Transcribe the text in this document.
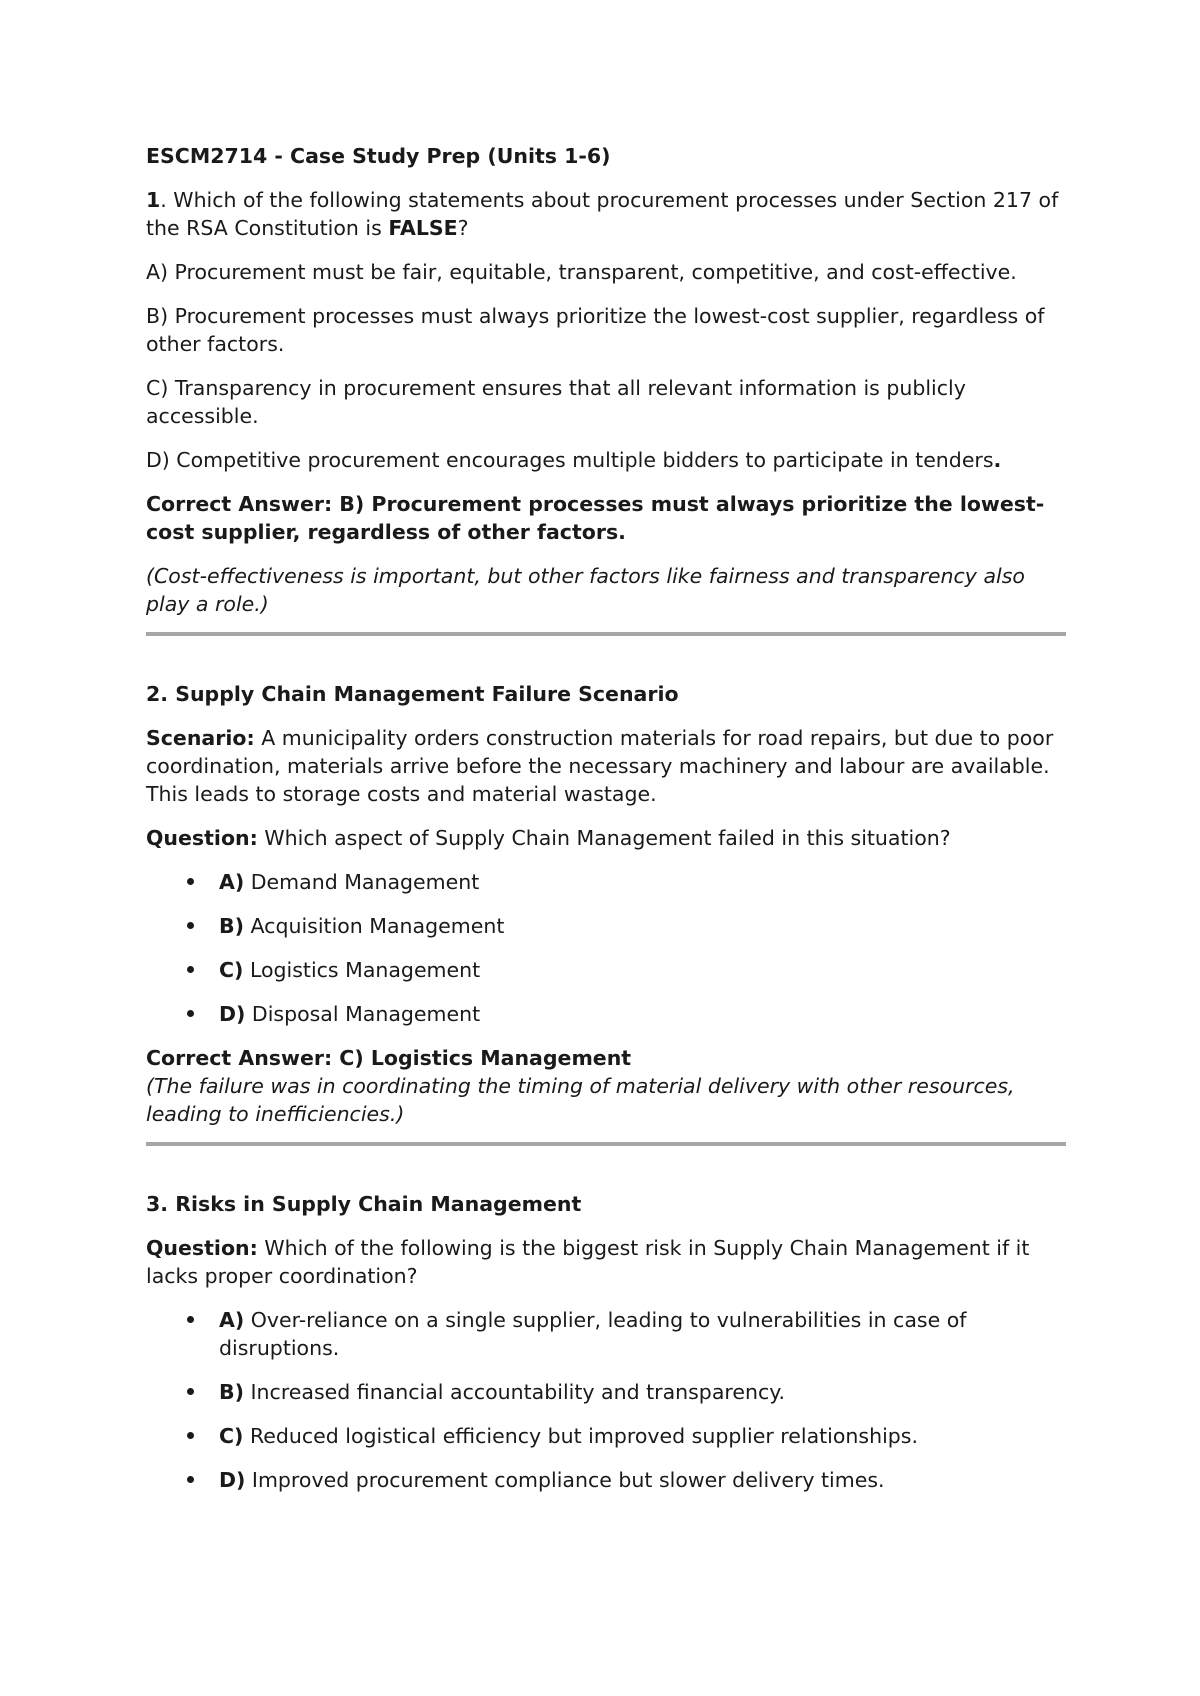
ESCM2714 - Case Study Prep (Units 1-6)

1. Which of the following statements about procurement processes under Section 217 of the RSA Constitution is FALSE?

A) Procurement must be fair, equitable, transparent, competitive, and cost-effective.

B) Procurement processes must always prioritize the lowest-cost supplier, regardless of other factors.

C) Transparency in procurement ensures that all relevant information is publicly accessible.

D) Competitive procurement encourages multiple bidders to participate in tenders.

Correct Answer: B) Procurement processes must always prioritize the lowest-cost supplier, regardless of other factors.

(Cost-effectiveness is important, but other factors like fairness and transparency also play a role.)

2. Supply Chain Management Failure Scenario

Scenario: A municipality orders construction materials for road repairs, but due to poor coordination, materials arrive before the necessary machinery and labour are available. This leads to storage costs and material wastage.

Question: Which aspect of Supply Chain Management failed in this situation?

A) Demand Management
B) Acquisition Management
C) Logistics Management
D) Disposal Management

Correct Answer: C) Logistics Management

(The failure was in coordinating the timing of material delivery with other resources, leading to inefficiencies.)

3. Risks in Supply Chain Management

Question: Which of the following is the biggest risk in Supply Chain Management if it lacks proper coordination?

A) Over-reliance on a single supplier, leading to vulnerabilities in case of disruptions.
B) Increased financial accountability and transparency.
C) Reduced logistical efficiency but improved supplier relationships.
D) Improved procurement compliance but slower delivery times.
